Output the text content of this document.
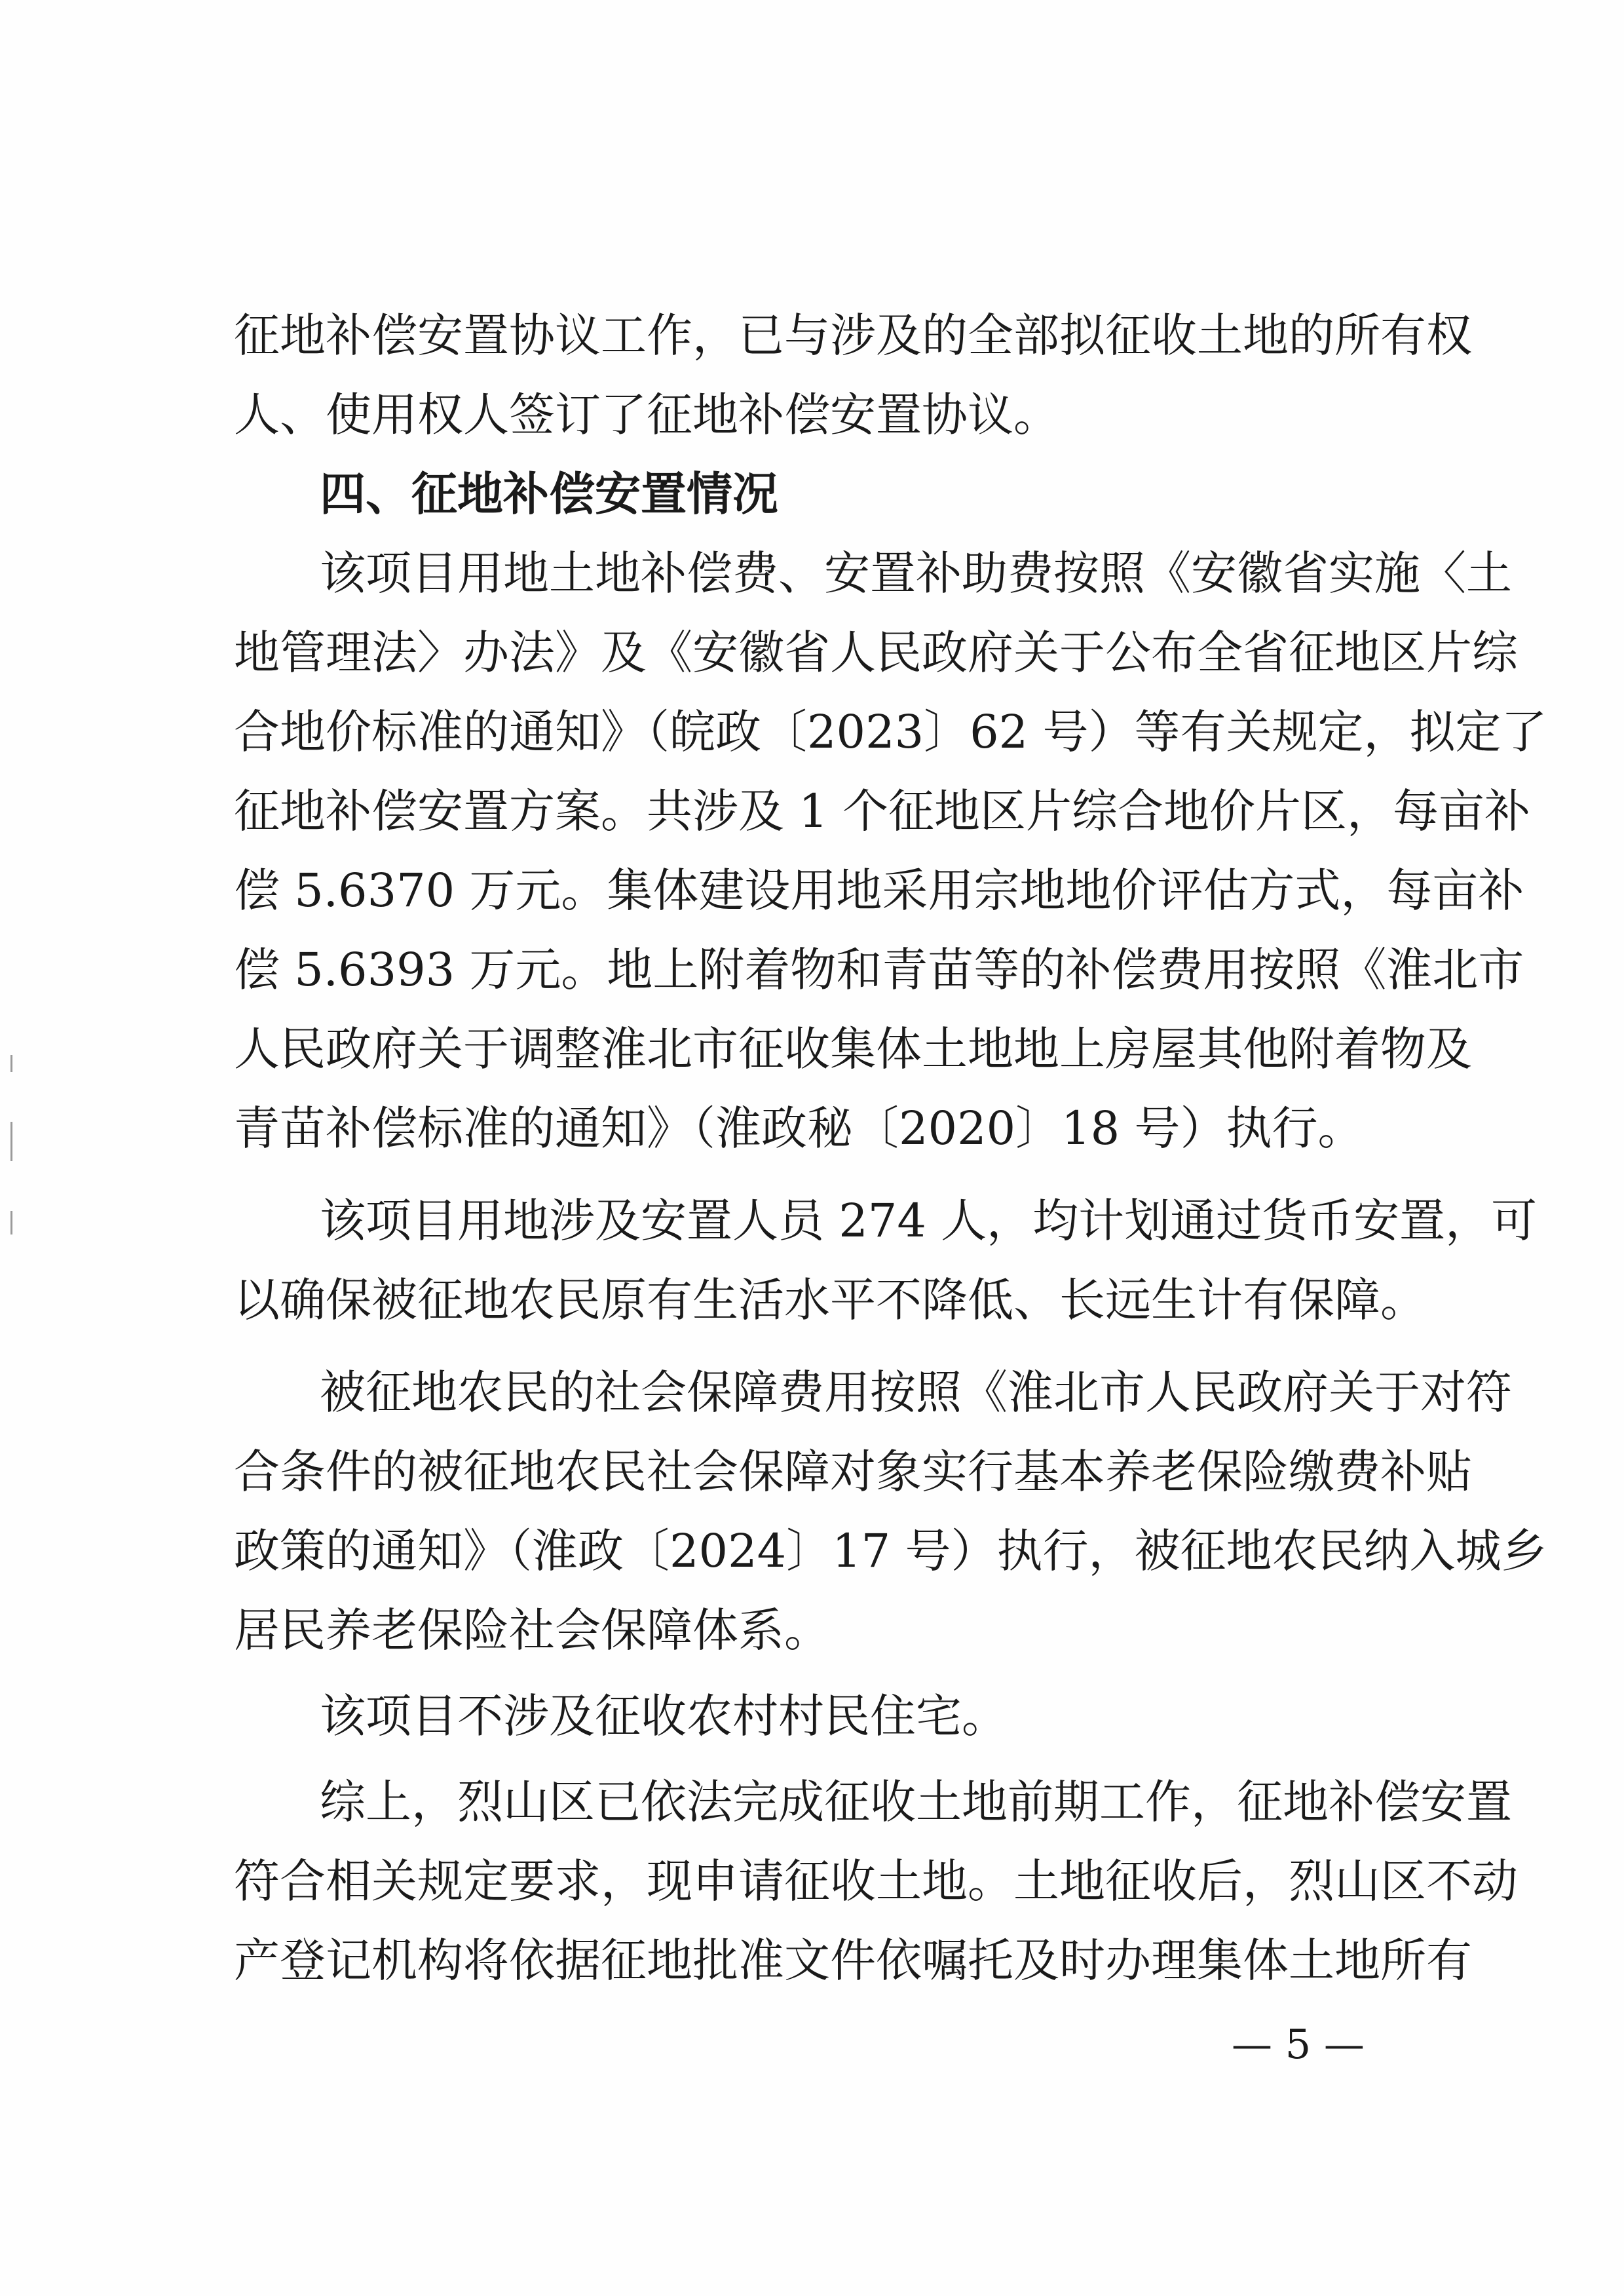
征地补偿安置协议工作，已与涉及的全部拟征收土地的所有权
人、使用权人签订了征地补偿安置协议。
四、征地补偿安置情况
该项目用地土地补偿费、安置补助费按照《安徽省实施〈土
地管理法〉办法》及《安徽省人民政府关于公布全省征地区片综
合地价标准的通知》（皖政〔2023〕62 号）等有关规定，拟定了
征地补偿安置方案。共涉及 1 个征地区片综合地价片区，每亩补
偿 5.6370 万元。集体建设用地采用宗地地价评估方式，每亩补
偿 5.6393 万元。地上附着物和青苗等的补偿费用按照《淮北市
人民政府关于调整淮北市征收集体土地地上房屋其他附着物及
青苗补偿标准的通知》（淮政秘〔2020〕18 号）执行。
该项目用地涉及安置人员 274 人，均计划通过货币安置，可
以确保被征地农民原有生活水平不降低、长远生计有保障。
被征地农民的社会保障费用按照《淮北市人民政府关于对符
合条件的被征地农民社会保障对象实行基本养老保险缴费补贴
政策的通知》（淮政〔2024〕17 号）执行，被征地农民纳入城乡
居民养老保险社会保障体系。
该项目不涉及征收农村村民住宅。
综上，烈山区已依法完成征收土地前期工作，征地补偿安置
符合相关规定要求，现申请征收土地。土地征收后，烈山区不动
产登记机构将依据征地批准文件依嘱托及时办理集体土地所有
— 5 —
